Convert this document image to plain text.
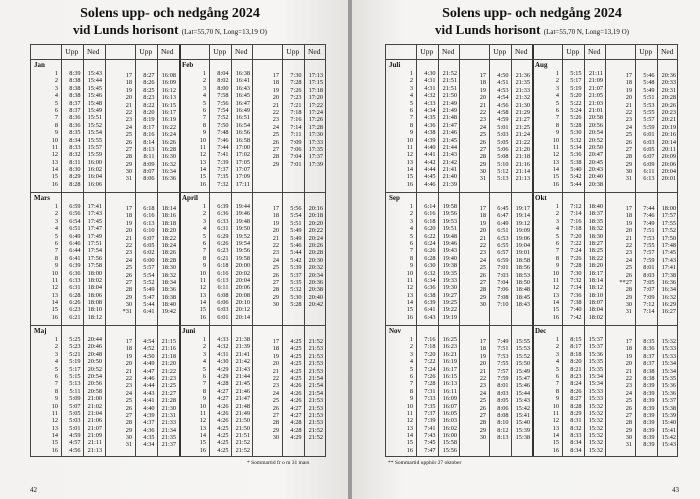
Solens upp- och nedgång 2024
vid Lunds horisont (Lat=55,70 N, Long=13,19 O)
Upp	Ned	Upp	Ned	Upp	Ned	Upp	Ned
Jan
1 8:39 15:43
2 8:38 15:44
3 8:38 15:45
4 8:38 15:46
5 8:37 15:48
6 8:37 15:49
7 8:36 15:51
8 8:36 15:52
9 8:35 15:54
10 8:34 15:55
11 8:33 15:57
12 8:32 15:59
13 8:31 16:00
14 8:30 16:02
15 8:29 16:04
16 8:28 16:06
17 8:27 16:08
18 8:26 16:09
19 8:25 16:12
20 8:23 16:13
21 8:22 16:15
22 8:20 16:17
23 8:19 16:19
24 8:17 16:22
25 8:16 16:24
26 8:14 16:26
27 8:13 16:28
28 8:11 16:30
29 8:09 16:32
30 8:07 16:34
31 8:06 16:36
Feb
1 8:04 16:38
2 8:02 16:41
3 8:00 16:43
4 7:58 16:45
5 7:56 16:47
6 7:54 16:49
7 7:52 16:51
8 7:50 16:54
9 7:48 16:56
10 7:46 16:58
11 7:44 17:00
12 7:41 17:02
13 7:39 17:05
14 7:37 17:07
15 7:35 17:09
16 7:32 17:11
17 7:30 17:13
18 7:28 17:15
19 7:26 17:18
20 7:23 17:20
21 7:21 17:22
22 7:18 17:24
23 7:16 17:26
24 7:14 17:28
25 7:11 17:30
26 7:09 17:33
27 7:06 17:35
28 7:04 17:37
29 7:01 17:39
Mars
1 6:59 17:41
2 6:56 17:43
3 6:54 17:45
4 6:51 17:47
5 6:49 17:49
6 6:46 17:51
7 6:44 17:54
8 6:41 17:56
9 6:39 17:58
10 6:36 18:00
11 6:33 18:02
12 6:31 18:04
13 6:28 18:06
14 6:26 18:08
15 6:23 18:10
16 6:21 18:12
17 6:18 18:14
18 6:16 18:16
19 6:13 18:18
20 6:10 18:20
21 6:07 18:22
22 6:05 18:24
23 6:02 18:26
24 6:00 18:28
25 5:57 18:30
26 5:54 18:32
27 5:52 18:34
28 5:49 18:36
29 5:47 18:38
30 5:44 18:40
*31 6:41 19:42
April
1 6:39 19:44
2 6:36 19:46
3 6:33 19:48
4 6:31 19:50
5 6:29 19:52
6 6:26 19:54
7 6:23 19:56
8 6:21 19:58
9 6:18 20:00
10 6:16 20:02
11 6:13 20:04
12 6:11 20:06
13 6:08 20:08
14 6:06 20:10
15 6:03 20:12
16 6:01 20:14
17 5:56 20:16
18 5:54 20:18
19 5:51 20:20
20 5:49 20:22
21 5:49 20:24
22 5:46 20:26
23 5:44 20:28
24 5:42 20:30
25 5:39 20:32
26 5:37 20:34
27 5:35 20:36
28 5:32 20:38
29 5:30 20:40
30 5:28 20:42
Maj
1 5:25 20:44
2 5:23 20:46
3 5:21 20:48
4 5:19 20:50
5 5:17 20:52
6 5:15 20:54
7 5:13 20:56
8 5:11 20:58
9 5:09 21:00
10 5:07 21:02
11 5:05 21:04
12 5:03 21:06
13 5:01 21:07
14 4:59 21:09
15 4:57 21:11
16 4:56 21:13
17 4:54 21:15
18 4:52 21:16
19 4:50 21:18
20 4:49 21:20
21 4:47 21:22
22 4:46 21:23
23 4:44 21:25
24 4:43 21:27
25 4:41 21:28
26 4:40 21:30
27 4:39 21:31
28 4:37 21:33
29 4:36 21:34
30 4:35 21:35
31 4:34 21:37
Juni
1 4:33 21:38
2 4:32 21:39
3 4:31 21:41
4 4:30 21:42
5 4:29 21:43
6 4:29 21:44
7 4:28 21:45
8 4:27 21:46
9 4:27 21:47
10 4:26 21:48
11 4:26 21:49
12 4:26 21:50
13 4:25 21:50
14 4:25 21:51
15 4:25 21:52
16 4:25 21:52
17 4:25 21:52
18 4:25 21:53
19 4:25 21:53
20 4:25 21:53
21 4:25 21:53
22 4:25 21:54
23 4:26 21:54
24 4:26 21:54
25 4:26 21:53
26 4:27 21:53
27 4:27 21:53
28 4:28 21:53
29 4:28 21:52
30 4:29 21:52
42
* Sommartid fr o m 31 mars
Solens upp- och nedgång 2024
vid Lunds horisont (Lat=55,70 N, Long=13,19 O)
Upp	Ned	Upp	Ned	Upp	Ned	Upp	Ned
Juli
1 4:30 21:52
2 4:31 21:51
3 4:31 21:51
4 4:32 21:50
5 4:33 21:49
6 4:34 21:49
7 4:35 21:48
8 4:36 21:47
9 4:38 21:46
10 4:39 21:45
11 4:40 21:44
12 4:41 21:43
13 4:42 21:42
14 4:44 21:41
15 4:45 21:40
16 4:46 21:39
17 4:50 21:36
18 4:51 21:35
19 4:53 21:33
20 4:54 21:32
21 4:56 21:30
22 4:58 21:29
23 4:59 21:27
24 5:01 21:25
25 5:03 21:24
26 5:05 21:22
27 5:06 21:20
28 5:08 21:18
29 5:10 21:16
30 5:12 21:14
31 5:13 21:13
Aug
1 5:15 21:11
2 5:17 21:09
3 5:19 21:07
4 5:20 21:05
5 5:22 21:03
6 5:24 21:01
7 5:26 20:58
8 5:28 20:56
9 5:30 20:54
10 5:32 20:52
11 5:34 20:50
12 5:36 20:47
13 5:38 20:45
14 5:40 20:43
15 5:42 20:40
16 5:44 20:38
17 5:46 20:36
18 5:48 20:33
19 5:49 20:31
20 5:51 20:28
21 5:53 20:26
22 5:55 20:23
23 5:57 20:21
24 5:59 20:19
25 6:01 20:16
26 6:03 20:14
27 6:05 20:11
28 6:07 20:09
29 6:09 20:06
30 6:11 20:04
31 6:13 20:01
Sep
1 6:14 19:58
2 6:16 19:56
3 6:18 19:53
4 6:20 19:51
5 6:22 19:48
6 6:24 19:46
7 6:26 19:43
8 6:28 19:40
9 6:30 19:38
10 6:32 19:35
11 6:34 19:33
12 6:36 19:30
13 6:38 19:27
14 6:39 19:25
15 6:41 19:22
16 6:43 19:19
17 6:45 19:17
18 6:47 19:14
19 6:49 19:12
20 6:51 19:09
21 6:53 19:06
22 6:55 19:04
23 6:57 19:01
24 6:59 18:58
25 7:01 18:56
26 7:03 18:53
27 7:04 18:50
28 7:06 18:48
29 7:08 18:45
30 7:10 18:43
Okt
1 7:12 18:40
2 7:14 18:37
3 7:16 18:35
4 7:18 18:32
5 7:20 18:30
6 7:22 18:27
7 7:24 18:25
8 7:26 18:22
9 7:28 18:20
10 7:30 18:17
11 7:32 18:14
12 7:34 18:12
13 7:36 18:10
14 7:38 18:07
15 7:40 18:04
16 7:42 18:02
17 7:44 18:00
18 7:46 17:57
19 7:49 17:55
20 7:51 17:52
21 7:53 17:50
22 7:55 17:48
23 7:57 17:45
24 7:59 17:43
25 8:01 17:41
26 8:03 17:38
**27 7:05 16:36
28 7:07 16:34
29 7:09 16:32
30 7:12 16:29
31 7:14 16:27
Nov
1 7:16 16:25
2 7:18 16:23
3 7:20 16:21
4 7:22 16:19
5 7:24 16:17
6 7:26 16:15
7 7:28 16:13
8 7:31 16:11
9 7:33 16:09
10 7:35 16:07
11 7:37 16:05
12 7:39 16:03
13 7:41 16:02
14 7:43 16:00
15 7:45 15:58
16 7:47 15:56
17 7:49 15:55
18 7:51 15:53
19 7:53 15:52
20 7:55 15:50
21 7:57 15:49
22 7:59 15:47
23 8:01 15:46
24 8:03 15:44
25 8:05 15:43
26 8:06 15:42
27 8:08 15:41
28 8:10 15:40
29 8:12 15:39
30 8:13 15:38
Dec
1 8:15 15:37
2 8:17 15:37
3 8:18 15:36
4 8:20 15:35
5 8:21 15:35
6 8:23 15:34
7 8:24 15:34
8 8:26 15:33
9 8:27 15:33
10 8:28 15:32
11 8:29 15:32
12 8:31 15:32
13 8:32 15:32
14 8:33 15:32
15 8:34 15:32
16 8:34 15:32
17 8:35 15:32
18 8:36 15:33
19 8:37 15:33
20 8:37 15:34
21 8:38 15:34
22 8:38 15:35
23 8:39 15:36
24 8:39 15:36
25 8:39 15:37
26 8:39 15:38
27 8:39 15:39
28 8:39 15:40
29 8:39 15:41
30 8:39 15:42
31 8:39 15:43
43
** Sommartid upphör 27 oktober
